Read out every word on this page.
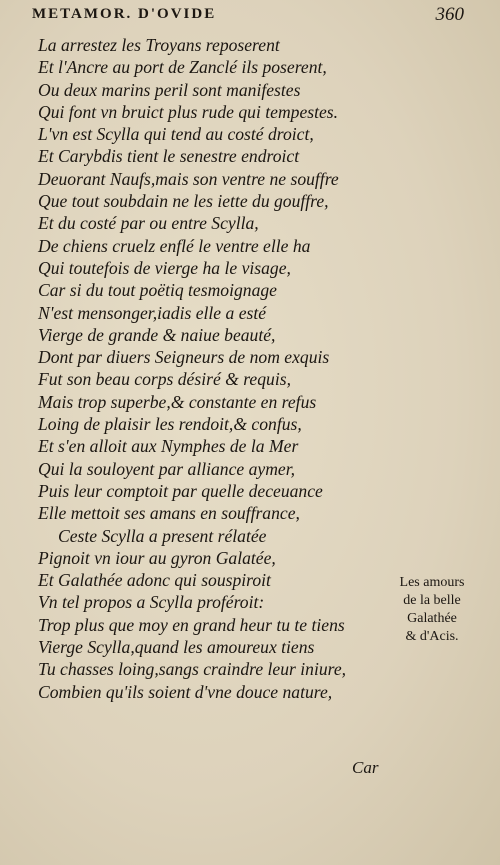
METAMOR. D'OVIDE	360
La arrestez les Troyans reposerent
Et l'Ancre au port de Zanclé ils poserent,
Ou deux marins peril sont manifestes
Qui font vn bruict plus rude qui tempestes.
L'vn est Scylla qui tend au costé droict,
Et Carybdis tient le senestre endroict
Deuorant Naufs,mais son ventre ne souffre
Que tout soubdain ne les iette du gouffre,
Et du costé par ou entre Scylla,
De chiens cruelz enflé le ventre elle ha
Qui toutefois de vierge ha le visage,
Car si du tout poëtiq tesmoignage
N'est mensonger,iadis elle a esté
Vierge de grande & naiue beauté,
Dont par diuers Seigneurs de nom exquis
Fut son beau corps désiré & requis,
Mais trop superbe,& constante en refus
Loing de plaisir les rendoit,& confus,
Et s'en alloit aux Nymphes de la Mer
Qui la souloyent par alliance aymer,
Puis leur comptoit par quelle deceuance
Elle mettoit ses amans en souffrance,
Ceste Scylla a present rélatée
Pignoit vn iour au gyron Galatée,
Et Galathée adonc qui souspiroit
Vn tel propos a Scylla proféroit:
Trop plus que moy en grand heur tu te tiens
Vierge Scylla,quand les amoureux tiens
Tu chasses loing,sangs craindre leur iniure,
Combien qu'ils soient d'vne douce nature,
Les amours
de la belle
Galathée
& d'Acis.
Car
